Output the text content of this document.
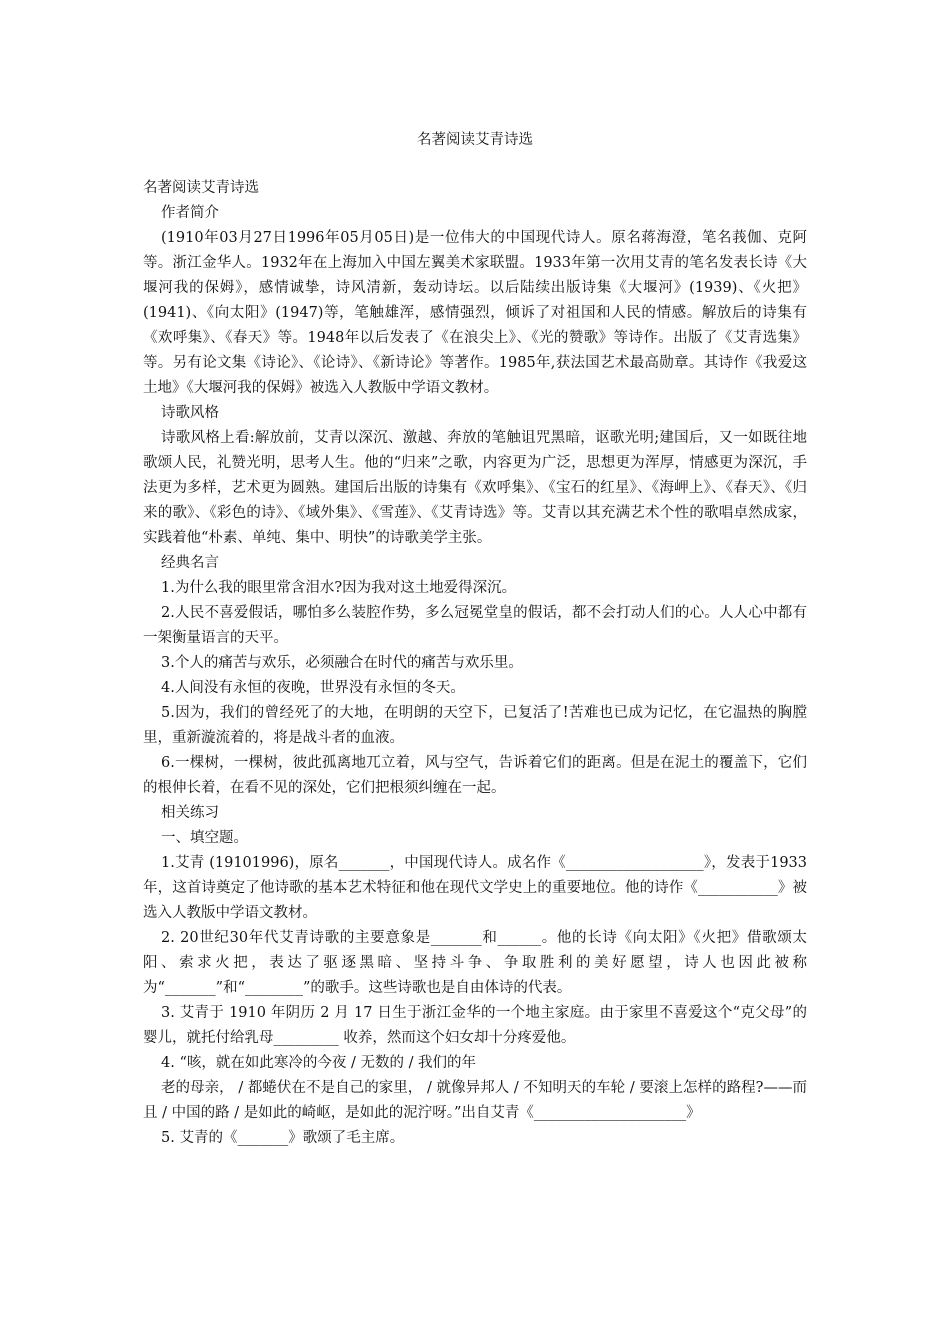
名著阅读艾青诗选

名著阅读艾青诗选

作者简介

(1910年03月27日1996年05月05日)是一位伟大的中国现代诗人。原名蒋海澄，笔名莪伽、克阿等。浙江金华人。1932年在上海加入中国左翼美术家联盟。1933年第一次用艾青的笔名发表长诗《大堰河我的保姆》，感情诚挚，诗风清新，轰动诗坛。以后陆续出版诗集《大堰河》(1939)、《火把》(1941)、《向太阳》(1947)等，笔触雄浑，感情强烈，倾诉了对祖国和人民的情感。解放后的诗集有《欢呼集》、《春天》等。1948年以后发表了《在浪尖上》、《光的赞歌》等诗作。出版了《艾青选集》等。另有论文集《诗论》、《论诗》、《新诗论》等著作。1985年,获法国艺术最高勋章。其诗作《我爱这土地》《大堰河我的保姆》被选入人教版中学语文教材。

诗歌风格

诗歌风格上看:解放前，艾青以深沉、激越、奔放的笔触诅咒黑暗，讴歌光明;建国后，又一如既往地歌颂人民，礼赞光明，思考人生。他的“归来”之歌，内容更为广泛，思想更为浑厚，情感更为深沉，手法更为多样，艺术更为圆熟。建国后出版的诗集有《欢呼集》、《宝石的红星》、《海岬上》、《春天》、《归来的歌》、《彩色的诗》、《域外集》、《雪莲》、《艾青诗选》等。艾青以其充满艺术个性的歌唱卓然成家，实践着他“朴素、单纯、集中、明快”的诗歌美学主张。

经典名言

1.为什么我的眼里常含泪水?因为我对这土地爱得深沉。

2.人民不喜爱假话，哪怕多么装腔作势，多么冠冕堂皇的假话，都不会打动人们的心。人人心中都有一架衡量语言的天平。

3.个人的痛苦与欢乐，必须融合在时代的痛苦与欢乐里。

4.人间没有永恒的夜晚，世界没有永恒的冬天。

5.因为，我们的曾经死了的大地，在明朗的天空下，已复活了!苦难也已成为记忆，在它温热的胸膛里，重新漩流着的，将是战斗者的血液。

6.一棵树，一棵树，彼此孤离地兀立着，风与空气，告诉着它们的距离。但是在泥土的覆盖下，它们的根伸长着，在看不见的深处，它们把根须纠缠在一起。

相关练习

一、填空题。

1.艾青 (19101996)，原名_______，中国现代诗人。成名作《___________________》，发表于1933 年，这首诗奠定了他诗歌的基本艺术特征和他在现代文学史上的重要地位。他的诗作《___________》被选入人教版中学语文教材。

2. 20世纪30年代艾青诗歌的主要意象是_______和______。他的长诗《向太阳》《火把》借歌颂太阳、索求火把，表达了驱逐黑暗、坚持斗争、争取胜利的美好愿望，诗人也因此被称为“_______”和“________”的歌手。这些诗歌也是自由体诗的代表。

3. 艾青于 1910 年阴历 2 月 17 日生于浙江金华的一个地主家庭。由于家里不喜爱这个“克父母”的婴儿，就托付给乳母_________ 收养，然而这个妇女却十分疼爱他。

4. “咳，就在如此寒冷的今夜 / 无数的 / 我们的年

老的母亲， / 都蜷伏在不是自己的家里， / 就像异邦人 / 不知明天的车轮 / 要滚上怎样的路程?——而且 / 中国的路 / 是如此的崎岖，是如此的泥泞呀。”出自艾青《_____________________》

5. 艾青的《_______》歌颂了毛主席。
